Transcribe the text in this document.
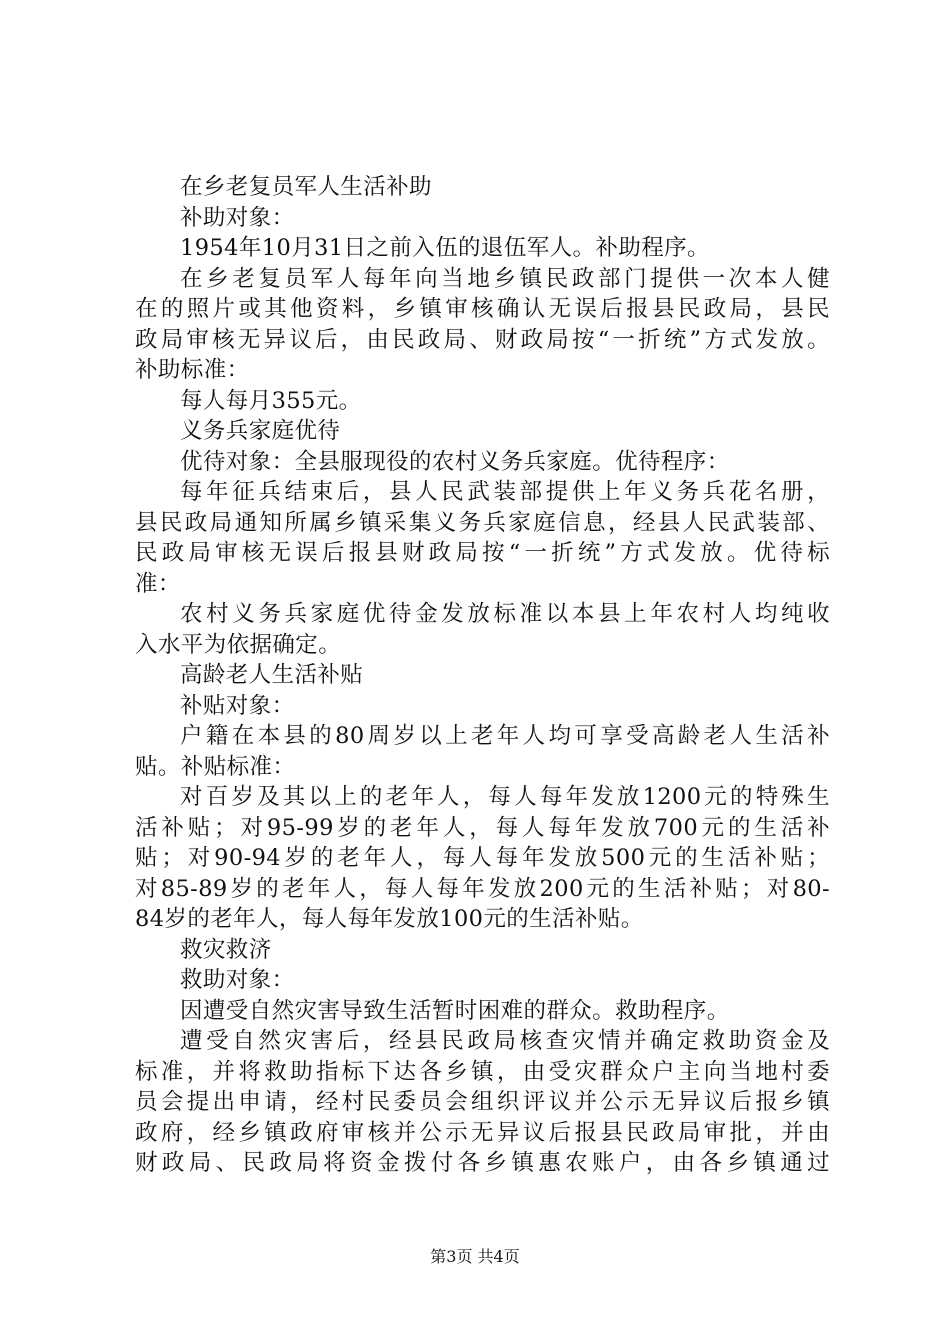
在乡老复员军人生活补助
补助对象：
1954年10月31日之前入伍的退伍军人。补助程序。
在乡老复员军人每年向当地乡镇民政部门提供一次本人健
在的照片或其他资料，乡镇审核确认无误后报县民政局，县民
政局审核无异议后，由民政局、财政局按“一折统”方式发放。
补助标准：
每人每月355元。
义务兵家庭优待
优待对象：全县服现役的农村义务兵家庭。优待程序：
每年征兵结束后，县人民武装部提供上年义务兵花名册，
县民政局通知所属乡镇采集义务兵家庭信息，经县人民武装部、
民政局审核无误后报县财政局按“一折统”方式发放。优待标
准：
农村义务兵家庭优待金发放标准以本县上年农村人均纯收
入水平为依据确定。
高龄老人生活补贴
补贴对象：
户籍在本县的80周岁以上老年人均可享受高龄老人生活补
贴。补贴标准：
对百岁及其以上的老年人，每人每年发放1200元的特殊生
活补贴；对95-99岁的老年人，每人每年发放700元的生活补
贴；对90-94岁的老年人，每人每年发放500元的生活补贴；
对85-89岁的老年人，每人每年发放200元的生活补贴；对80-
84岁的老年人，每人每年发放100元的生活补贴。
救灾救济
救助对象：
因遭受自然灾害导致生活暂时困难的群众。救助程序。
遭受自然灾害后，经县民政局核查灾情并确定救助资金及
标准，并将救助指标下达各乡镇，由受灾群众户主向当地村委
员会提出申请，经村民委员会组织评议并公示无异议后报乡镇
政府，经乡镇政府审核并公示无异议后报县民政局审批，并由
财政局、民政局将资金拨付各乡镇惠农账户，由各乡镇通过
第3页 共4页
